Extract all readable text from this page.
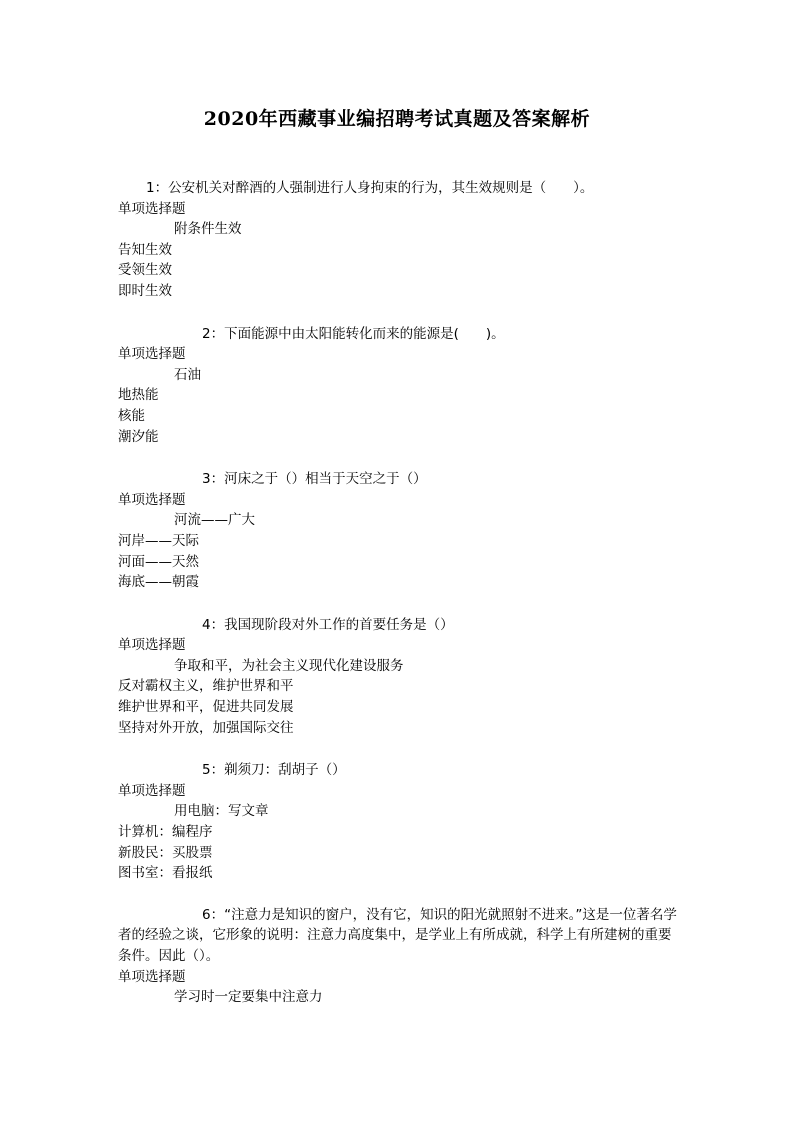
2020年西藏事业编招聘考试真题及答案解析
1：公安机关对醉酒的人强制进行人身拘束的行为，其生效规则是（　　）。
单项选择题
附条件生效
告知生效
受领生效
即时生效
2：下面能源中由太阳能转化而来的能源是(　　)。
单项选择题
石油
地热能
核能
潮汐能
3：河床之于（）相当于天空之于（）
单项选择题
河流——广大
河岸——天际
河面——天然
海底——朝霞
4：我国现阶段对外工作的首要任务是（）
单项选择题
争取和平，为社会主义现代化建设服务
反对霸权主义，维护世界和平
维护世界和平，促进共同发展
坚持对外开放，加强国际交往
5：剃须刀：刮胡子（）
单项选择题
用电脑：写文章
计算机：编程序
新股民：买股票
图书室：看报纸
6：“注意力是知识的窗户，没有它，知识的阳光就照射不进来。”这是一位著名学者的经验之谈，它形象的说明：注意力高度集中，是学业上有所成就，科学上有所建树的重要条件。因此（）。
单项选择题
学习时一定要集中注意力
